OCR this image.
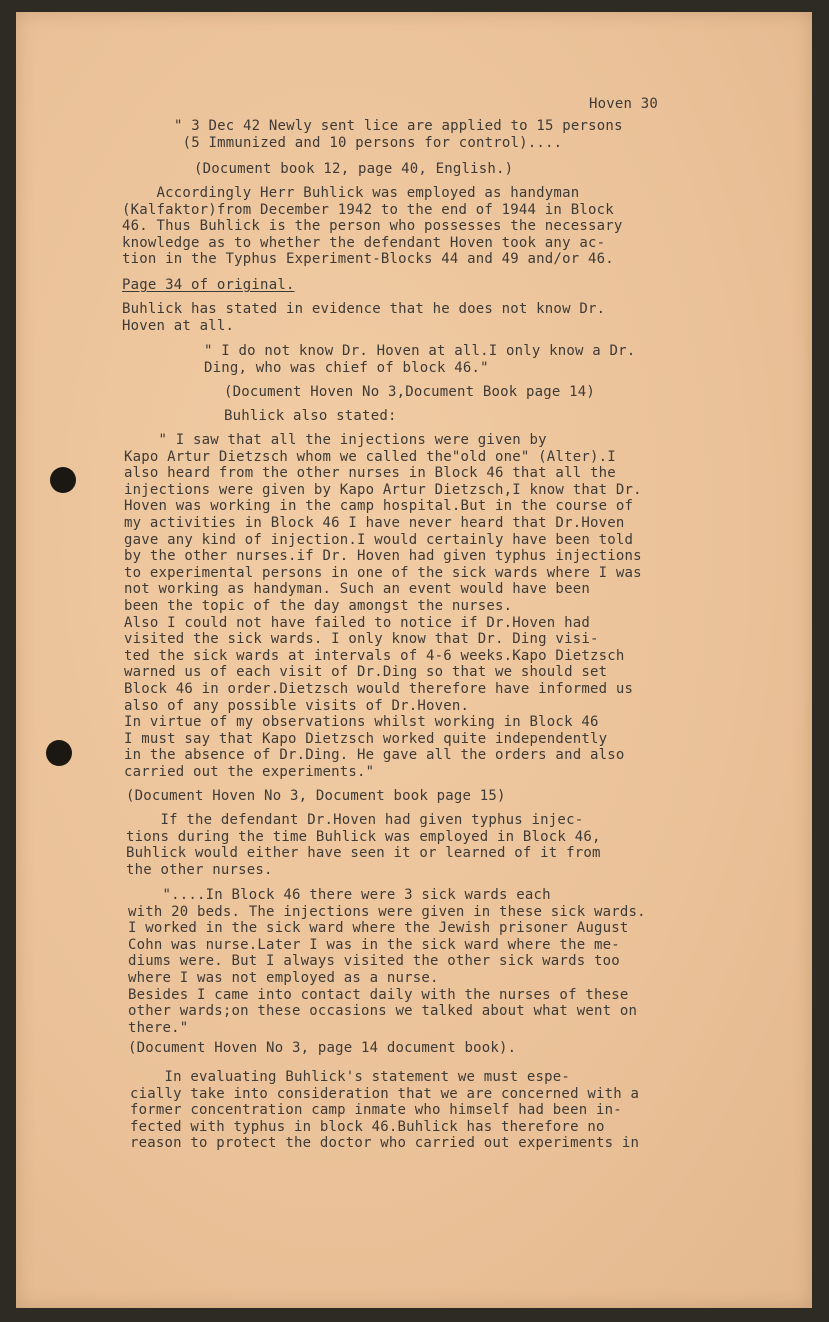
Hoven 30

" 3 Dec 42 Newly sent lice are applied to 15 persons
(5 Immunized and 10 persons for control)....

(Document book 12, page 40, English.)

Accordingly Herr Buhlick was employed as handyman
(Kalfaktor)from December 1942 to the end of 1944 in Block
46. Thus Buhlick is the person who possesses the necessary
knowledge as to whether the defendant Hoven took any ac-
tion in the Typhus Experiment-Blocks 44 and 49 and/or 46.

Page 34 of original.

Buhlick has stated in evidence that he does not know Dr.
Hoven at all.

" I do not know Dr. Hoven at all.I only know a Dr.
Ding, who was chief of block 46."

(Document Hoven No 3,Document Book page 14)

Buhlick also stated:

" I saw that all the injections were given by
Kapo Artur Dietzsch whom we called the"old one" (Alter).I
also heard from the other nurses in Block 46 that all the
injections were given by Kapo Artur Dietzsch,I know that Dr.
Hoven was working in the camp hospital.But in the course of
my activities in Block 46 I have never heard that Dr.Hoven
gave any kind of injection.I would certainly have been told
by the other nurses.if Dr. Hoven had given typhus injections
to experimental persons in one of the sick wards where I was
not working as handyman. Such an event would have been
been the topic of the day amongst the nurses.
Also I could not have failed to notice if Dr.Hoven had
visited the sick wards. I only know that Dr. Ding visi-
ted the sick wards at intervals of 4-6 weeks.Kapo Dietzsch
warned us of each visit of Dr.Ding so that we should set
Block 46 in order.Dietzsch would therefore have informed us
also of any possible visits of Dr.Hoven.
In virtue of my observations whilst working in Block 46
I must say that Kapo Dietzsch worked quite independently
in the absence of Dr.Ding. He gave all the orders and also
carried out the experiments."

(Document Hoven No 3, Document book page 15)

If the defendant Dr.Hoven had given typhus injec-
tions during the time Buhlick was employed in Block 46,
Buhlick would either have seen it or learned of it from
the other nurses.

"....In Block 46 there were 3 sick wards each
with 20 beds. The injections were given in these sick wards.
I worked in the sick ward where the Jewish prisoner August
Cohn was nurse.Later I was in the sick ward where the me-
diums were. But I always visited the other sick wards too
where I was not employed as a nurse.
Besides I came into contact daily with the nurses of these
other wards;on these occasions we talked about what went on
there."

(Document Hoven No 3, page 14 document book).

In evaluating Buhlick's statement we must espe-
cially take into consideration that we are concerned with a
former concentration camp inmate who himself had been in-
fected with typhus in block 46.Buhlick has therefore no
reason to protect the doctor who carried out experiments in
